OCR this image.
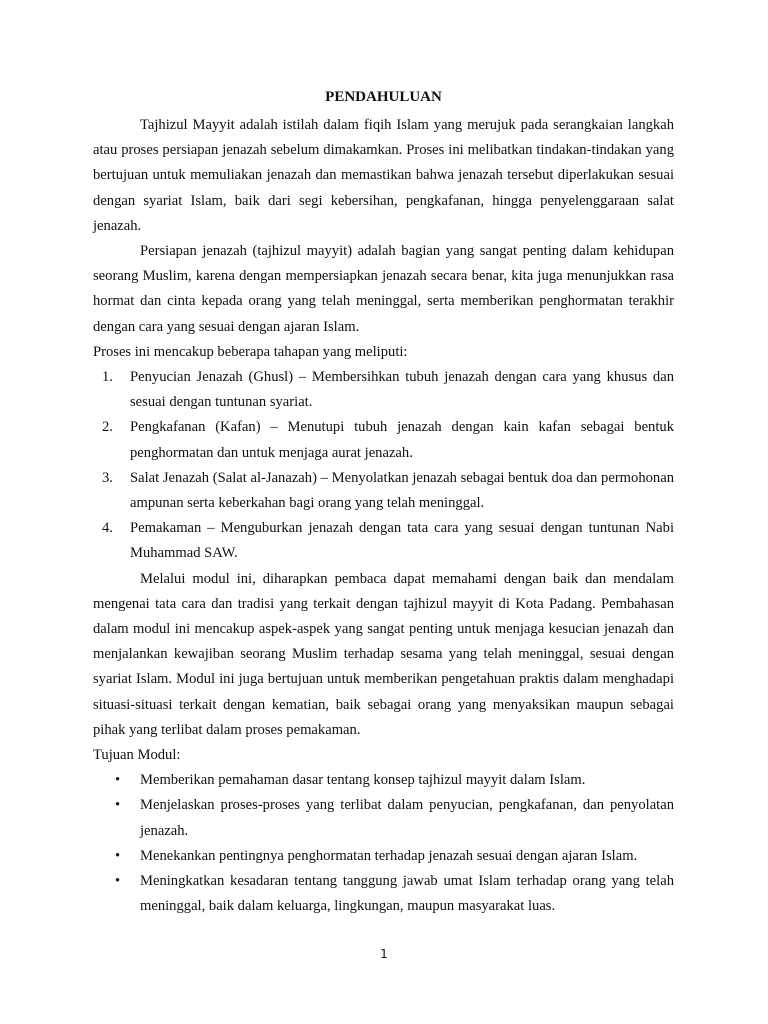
PENDAHULUAN

Tajhizul Mayyit adalah istilah dalam fiqih Islam yang merujuk pada serangkaian langkah atau proses persiapan jenazah sebelum dimakamkan. Proses ini melibatkan tindakan-tindakan yang bertujuan untuk memuliakan jenazah dan memastikan bahwa jenazah tersebut diperlakukan sesuai dengan syariat Islam, baik dari segi kebersihan, pengkafanan, hingga penyelenggaraan salat jenazah.

Persiapan jenazah (tajhizul mayyit) adalah bagian yang sangat penting dalam kehidupan seorang Muslim, karena dengan mempersiapkan jenazah secara benar, kita juga menunjukkan rasa hormat dan cinta kepada orang yang telah meninggal, serta memberikan penghormatan terakhir dengan cara yang sesuai dengan ajaran Islam.

Proses ini mencakup beberapa tahapan yang meliputi:

1. Penyucian Jenazah (Ghusl) – Membersihkan tubuh jenazah dengan cara yang khusus dan sesuai dengan tuntunan syariat.
2. Pengkafanan (Kafan) – Menutupi tubuh jenazah dengan kain kafan sebagai bentuk penghormatan dan untuk menjaga aurat jenazah.
3. Salat Jenazah (Salat al-Janazah) – Menyolatkan jenazah sebagai bentuk doa dan permohonan ampunan serta keberkahan bagi orang yang telah meninggal.
4. Pemakaman – Menguburkan jenazah dengan tata cara yang sesuai dengan tuntunan Nabi Muhammad SAW.

Melalui modul ini, diharapkan pembaca dapat memahami dengan baik dan mendalam mengenai tata cara dan tradisi yang terkait dengan tajhizul mayyit di Kota Padang. Pembahasan dalam modul ini mencakup aspek-aspek yang sangat penting untuk menjaga kesucian jenazah dan menjalankan kewajiban seorang Muslim terhadap sesama yang telah meninggal, sesuai dengan syariat Islam. Modul ini juga bertujuan untuk memberikan pengetahuan praktis dalam menghadapi situasi-situasi terkait dengan kematian, baik sebagai orang yang menyaksikan maupun sebagai pihak yang terlibat dalam proses pemakaman.

Tujuan Modul:

• Memberikan pemahaman dasar tentang konsep tajhizul mayyit dalam Islam.
• Menjelaskan proses-proses yang terlibat dalam penyucian, pengkafanan, dan penyolatan jenazah.
• Menekankan pentingnya penghormatan terhadap jenazah sesuai dengan ajaran Islam.
• Meningkatkan kesadaran tentang tanggung jawab umat Islam terhadap orang yang telah meninggal, baik dalam keluarga, lingkungan, maupun masyarakat luas.
1
